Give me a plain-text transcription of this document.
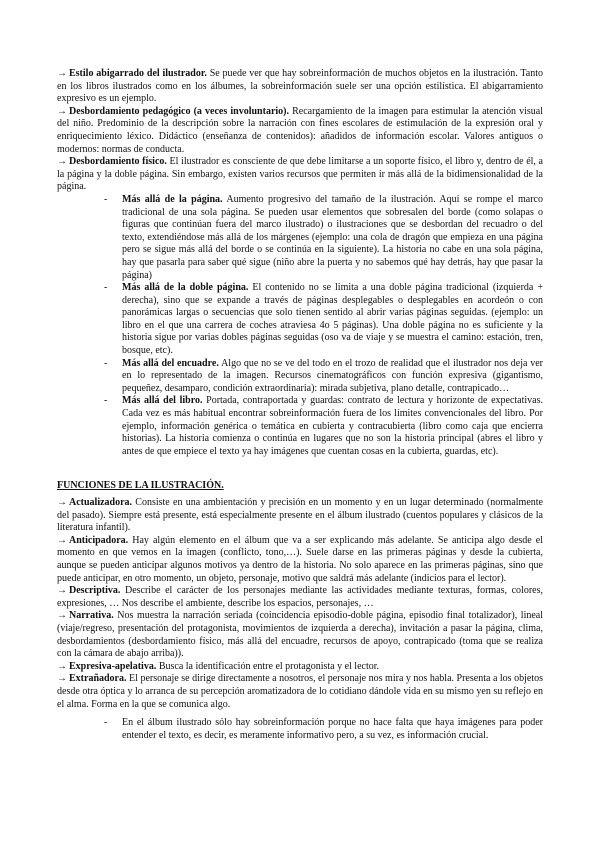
→ Estilo abigarrado del ilustrador. Se puede ver que hay sobreinformación de muchos objetos en la ilustración. Tanto en los libros ilustrados como en los álbumes, la sobreinformación suele ser una opción estilística. El abigarramiento expresivo es un ejemplo.

→ Desbordamiento pedagógico (a veces involuntario). Recargamiento de la imagen para estimular la atención visual del niño. Predominio de la descripción sobre la narración con fines escolares de estimulación de la expresión oral y enriquecimiento léxico. Didáctico (enseñanza de contenidos): añadidos de información escolar. Valores antiguos o modernos: normas de conducta.

→ Desbordamiento físico. El ilustrador es consciente de que debe limitarse a un soporte físico, el libro y, dentro de él, a la página y la doble página. Sin embargo, existen varios recursos que permiten ir más allá de la bidimensionalidad de la página.

- Más allá de la página. Aumento progresivo del tamaño de la ilustración. Aquí se rompe el marco tradicional de una sola página. Se pueden usar elementos que sobresalen del borde (como solapas o figuras que continúan fuera del marco ilustrado) o ilustraciones que se desbordan del recuadro o del texto, extendiéndose más allá de los márgenes (ejemplo: una cola de dragón que empieza en una página pero se sigue más allá del borde o se continúa en la siguiente). La historia no cabe en una sola página, hay que pasarla para saber qué sigue (niño abre la puerta y no sabemos qué hay detrás, hay que pasar la página)
- Más allá de la doble página. El contenido no se limita a una doble página tradicional (izquierda + derecha), sino que se expande a través de páginas desplegables o desplegables en acordeón o con panorámicas largas o secuencias que solo tienen sentido al abrir varias páginas seguidas. (ejemplo: un libro en el que una carrera de coches atraviesa 4o 5 páginas). Una doble página no es suficiente y la historia sigue por varias dobles páginas seguidas (oso va de viaje y se muestra el camino: estación, tren, bosque, etc).
- Más allá del encuadre. Algo que no se ve del todo en el trozo de realidad que el ilustrador nos deja ver en lo representado de la imagen. Recursos cinematográficos con función expresiva (gigantismo, pequeñez, desamparo, condición extraordinaria): mirada subjetiva, plano detalle, contrapicado…
- Más allá del libro. Portada, contraportada y guardas: contrato de lectura y horizonte de expectativas. Cada vez es más habitual encontrar sobreinformación fuera de los límites convencionales del libro. Por ejemplo, información genérica o temática en cubierta y contracubierta (libro como caja que encierra historias). La historia comienza o continúa en lugares que no son la historia principal (abres el libro y antes de que empiece el texto ya hay imágenes que cuentan cosas en la cubierta, guardas, etc).
FUNCIONES DE LA ILUSTRACIÓN.

→ Actualizadora. Consiste en una ambientación y precisión en un momento y en un lugar determinado (normalmente del pasado). Siempre está presente, está especialmente presente en el álbum ilustrado (cuentos populares y clásicos de la literatura infantil).

→ Anticipadora. Hay algún elemento en el álbum que va a ser explicando más adelante. Se anticipa algo desde el momento en que vemos en la imagen (conflicto, tono,…). Suele darse en las primeras páginas y desde la cubierta, aunque se pueden anticipar algunos motivos ya dentro de la historia. No solo aparece en las primeras páginas, sino que puede anticipar, en otro momento, un objeto, personaje, motivo que saldrá más adelante (indicios para el lector).

→ Descriptiva. Describe el carácter de los personajes mediante las actividades mediante texturas, formas, colores, expresiones, … Nos describe el ambiente, describe los espacios, personajes, …

→ Narrativa. Nos muestra la narración seriada (coincidencia episodio-doble página, episodio final totalizador), lineal (viaje/regreso, presentación del protagonista, movimientos de izquierda a derecha), invitación a pasar la página, clima, desbordamientos (desbordamiento físico, más allá del encuadre, recursos de apoyo, contrapicado (toma que se realiza con la cámara de abajo arriba)).

→ Expresiva-apelativa. Busca la identificación entre el protagonista y el lector.

→ Extrañadora. El personaje se dirige directamente a nosotros, el personaje nos mira y nos habla. Presenta a los objetos desde otra óptica y lo arranca de su percepción aromatizadora de lo cotidiano dándole vida en su mismo yen su reflejo en el alma. Forma en la que se comunica algo.

- En el álbum ilustrado sólo hay sobreinformación porque no hace falta que haya imágenes para poder entender el texto, es decir, es meramente informativo pero, a su vez, es información crucial.
